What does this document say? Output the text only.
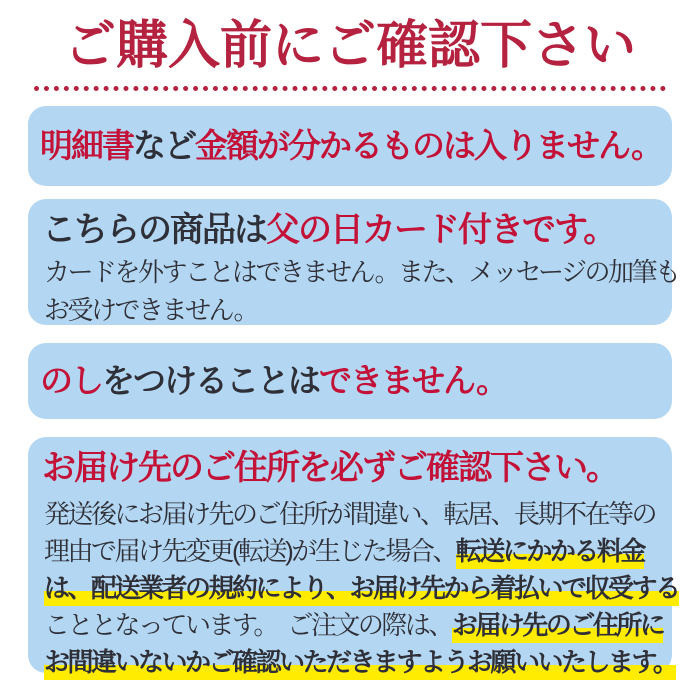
ご購入前にご確認下さい

明細書など金額が分かるものは入りません。

こちらの商品は父の日カード付きです。

カードを外すことはできません。また、メッセージの加筆も

お受けできません。

のしをつけることはできません。

お届け先のご住所を必ずご確認下さい。

発送後にお届け先のご住所が間違い、転居、長期不在等の

理由で届け先変更(転送)が生じた場合、転送にかかる料金

は、配送業者の規約により、お届け先から着払いで収受する

こととなっています。　ご注文の際は、お届け先のご住所に

お間違いないかご確認いただきますようお願いいたします。
